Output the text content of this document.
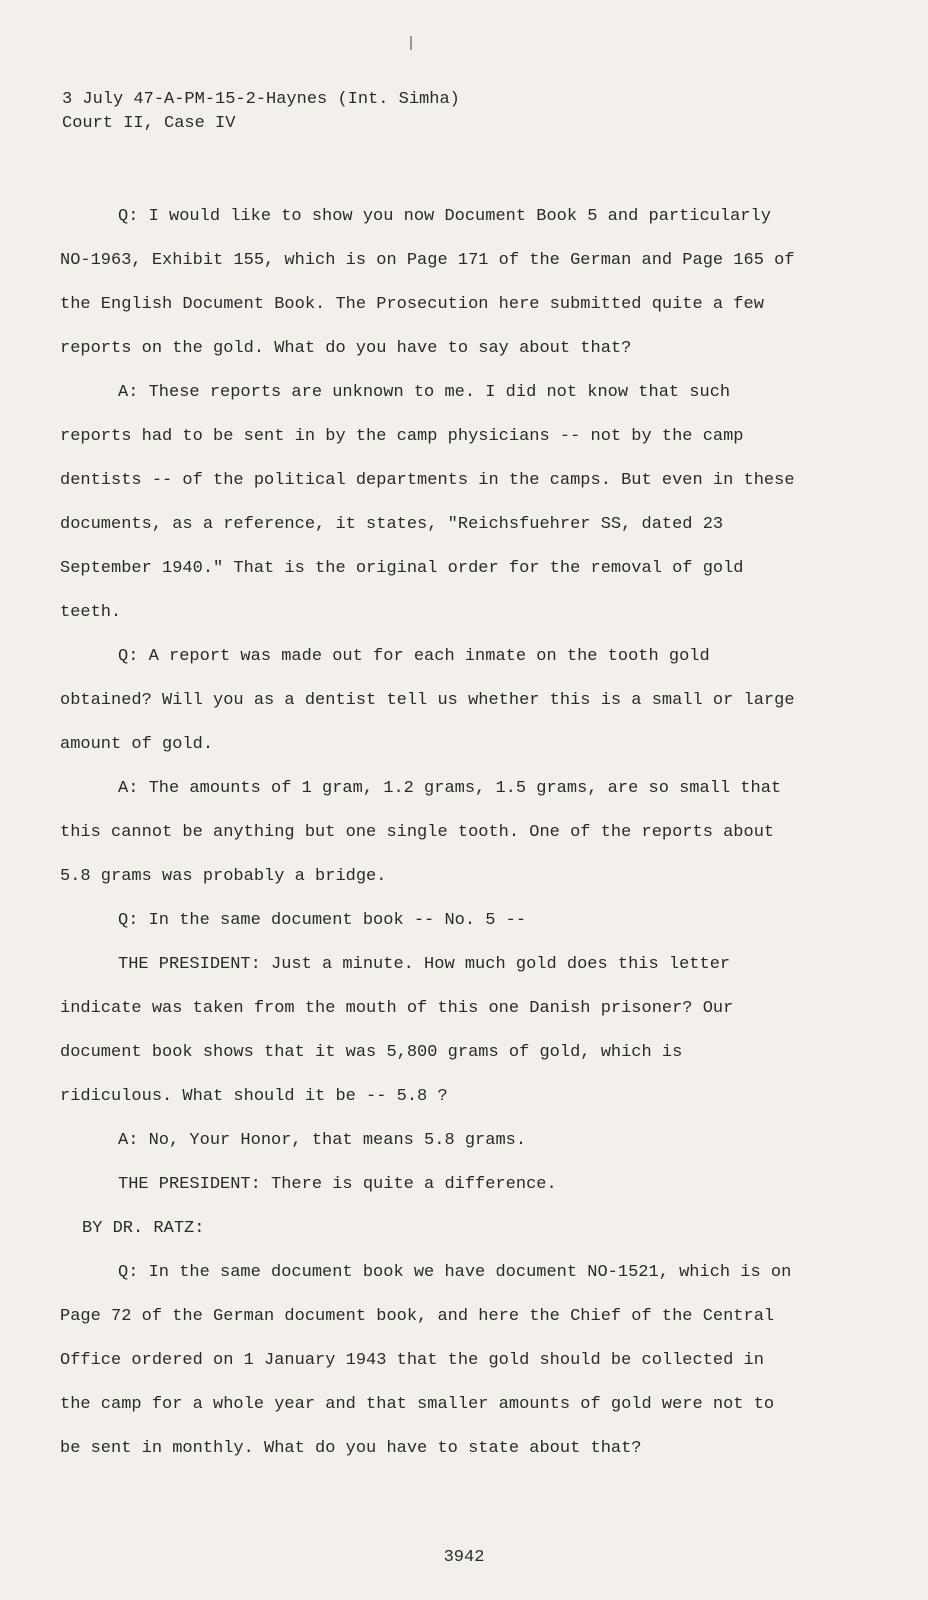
3 July 47-A-PM-15-2-Haynes (Int. Simha)
Court II, Case IV

Q: I would like to show you now Document Book 5 and particularly NO-1963, Exhibit 155, which is on Page 171 of the German and Page 165 of the English Document Book. The Prosecution here submitted quite a few reports on the gold. What do you have to say about that?

A: These reports are unknown to me. I did not know that such reports had to be sent in by the camp physicians -- not by the camp dentists -- of the political departments in the camps. But even in these documents, as a reference, it states, "Reichsfuehrer SS, dated 23 September 1940." That is the original order for the removal of gold teeth.

Q: A report was made out for each inmate on the tooth gold obtained? Will you as a dentist tell us whether this is a small or large amount of gold.

A: The amounts of 1 gram, 1.2 grams, 1.5 grams, are so small that this cannot be anything but one single tooth. One of the reports about 5.8 grams was probably a bridge.

Q: In the same document book -- No. 5 --

THE PRESIDENT: Just a minute. How much gold does this letter indicate was taken from the mouth of this one Danish prisoner? Our document book shows that it was 5,800 grams of gold, which is ridiculous. What should it be -- 5.8 ?

A: No, Your Honor, that means 5.8 grams.

THE PRESIDENT: There is quite a difference.

BY DR. RATZ:

Q: In the same document book we have document NO-1521, which is on Page 72 of the German document book, and here the Chief of the Central Office ordered on 1 January 1943 that the gold should be collected in the camp for a whole year and that smaller amounts of gold were not to be sent in monthly. What do you have to state about that?

3942
